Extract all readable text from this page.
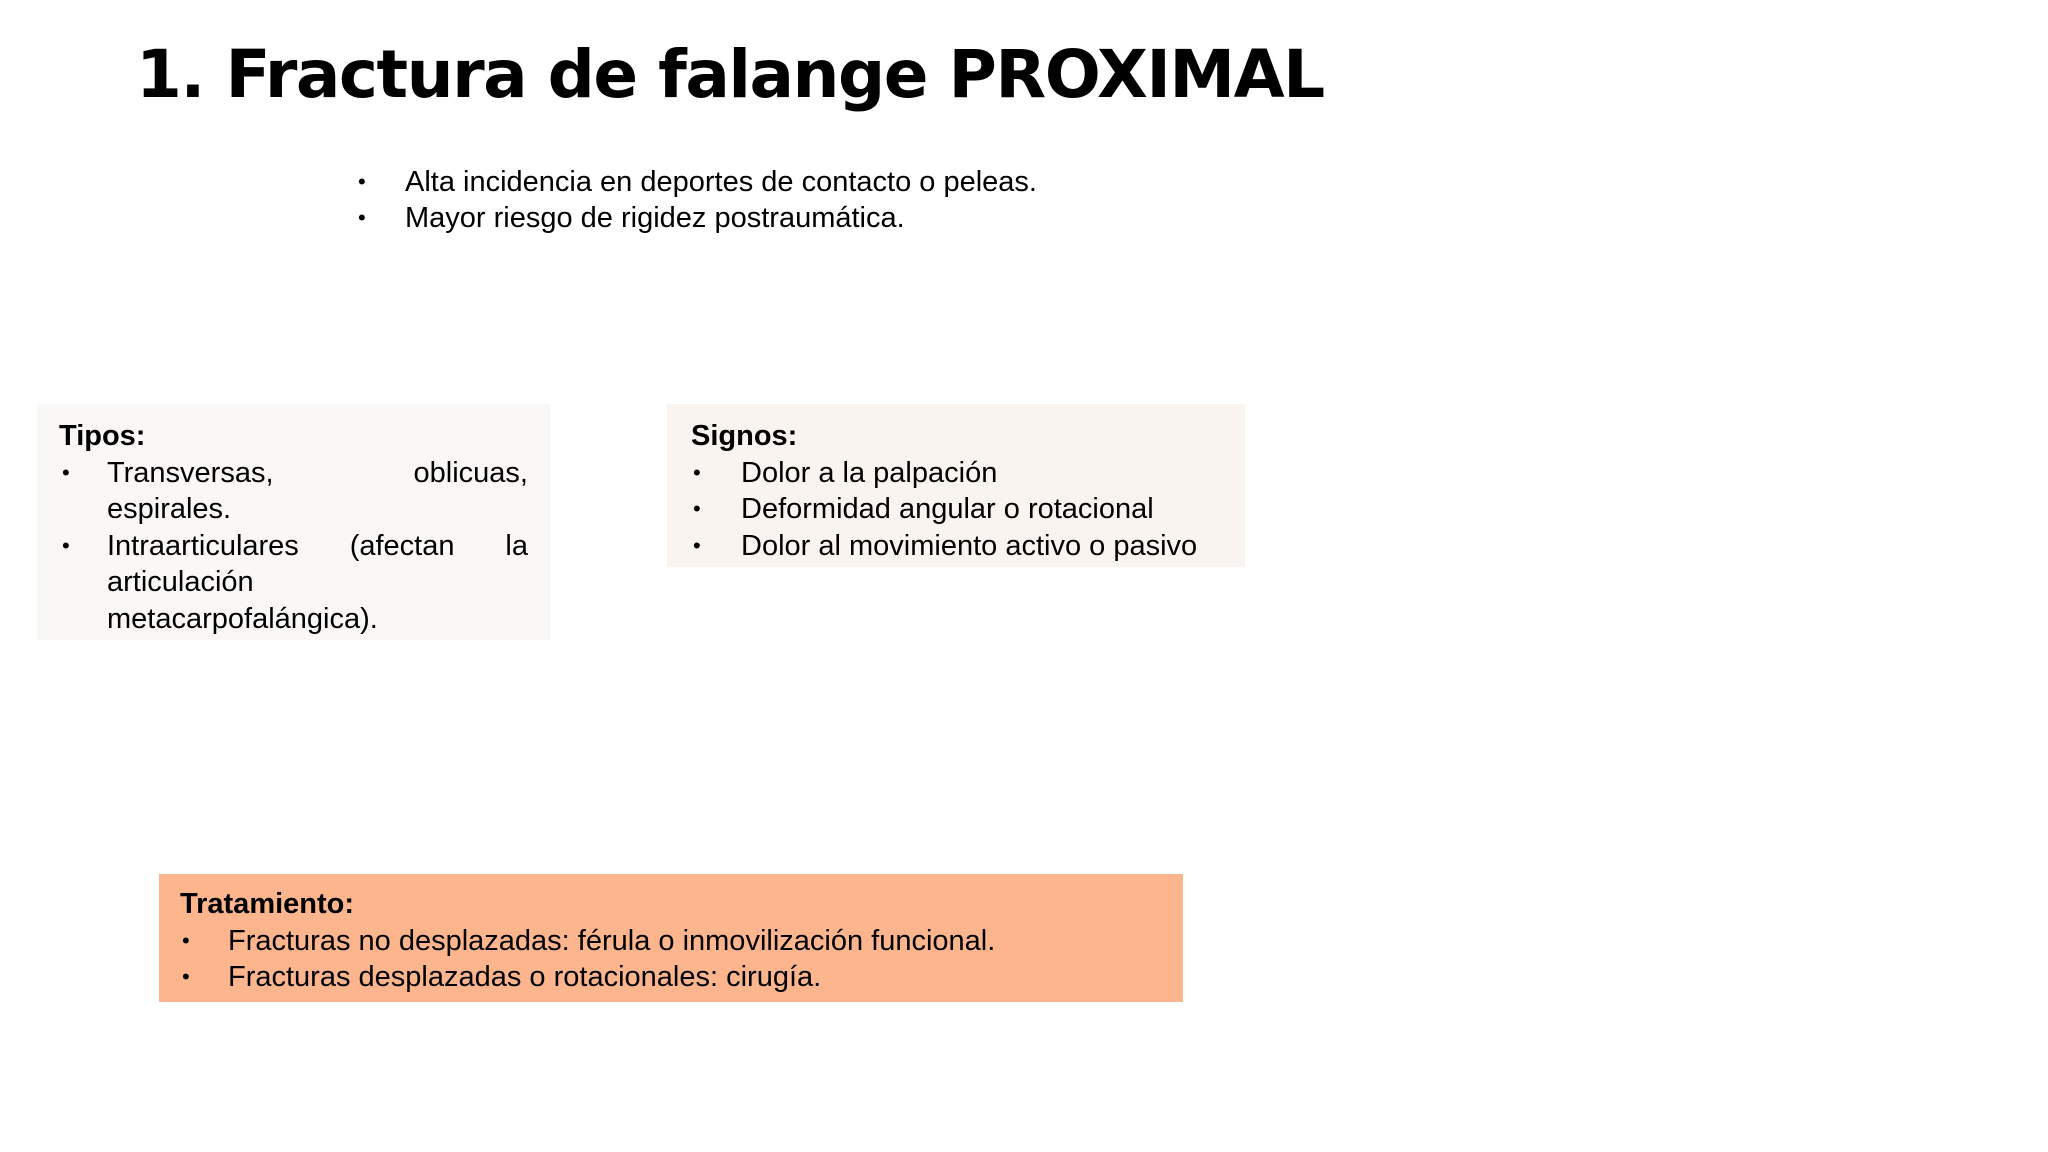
1. Fractura de falange PROXIMAL
•	Alta incidencia en deportes de contacto o peleas.
•	Mayor riesgo de rigidez postraumática.

Tipos:

•	Transversas, oblicuas, espirales.
•	Intraarticulares (afectan la articulación metacarpofalángica).

Signos:

•	Dolor a la palpación
•	Deformidad angular o rotacional
•	Dolor al movimiento activo o pasivo

Tratamiento:

•	Fracturas no desplazadas: férula o inmovilización funcional.
•	Fracturas desplazadas o rotacionales: cirugía.
